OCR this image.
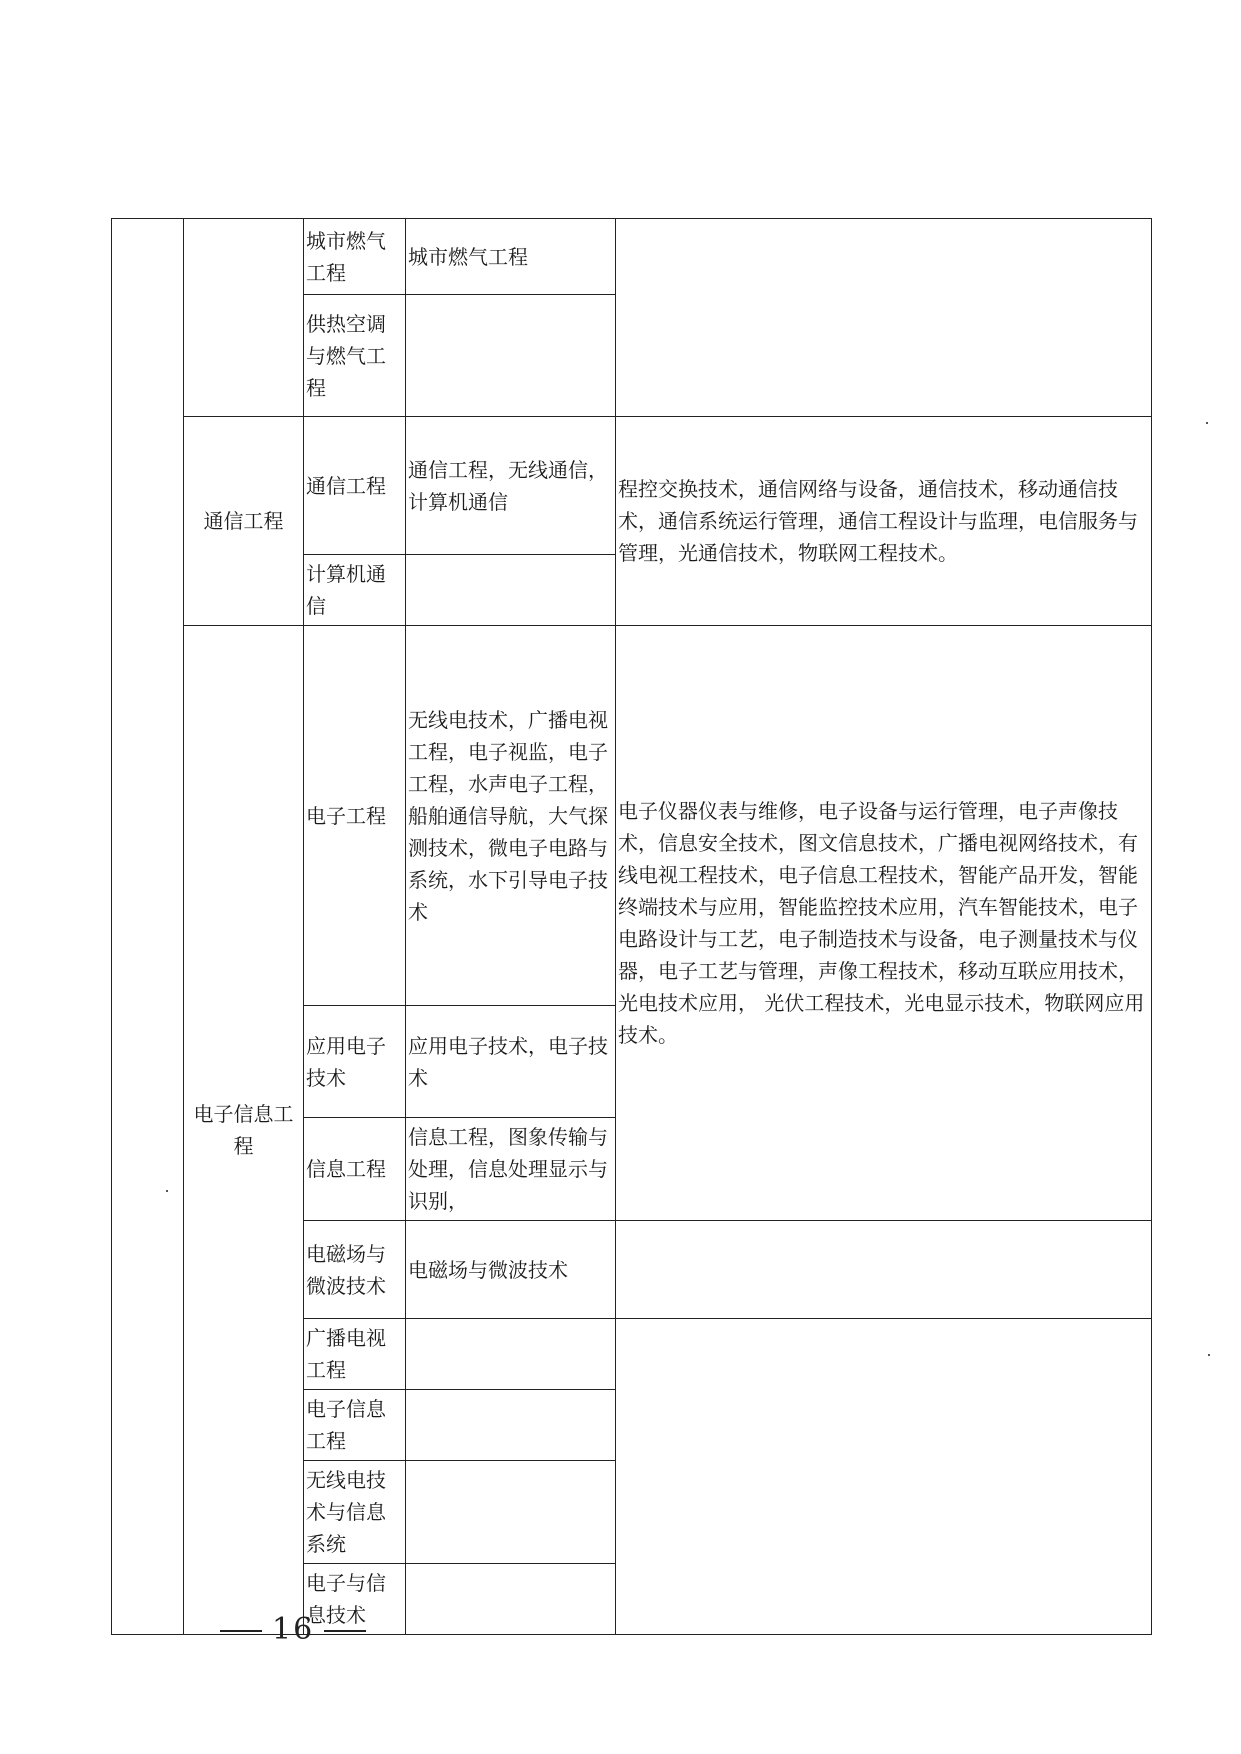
		城市燃气工程	城市燃气工程	
		供热空调与燃气工程		
	通信工程	通信工程	通信工程，无线通信，计算机通信	程控交换技术，通信网络与设备，通信技术，移动通信技术，通信系统运行管理，通信工程设计与监理，电信服务与管理，光通信技术，物联网工程技术。
		计算机通信		
	电子信息工程	电子工程	无线电技术，广播电视工程，电子视监，电子工程，水声电子工程，船舶通信导航，大气探测技术，微电子电路与系统，水下引导电子技术	电子仪器仪表与维修，电子设备与运行管理，电子声像技术，信息安全技术，图文信息技术，广播电视网络技术，有线电视工程技术，电子信息工程技术，智能产品开发，智能终端技术与应用，智能监控技术应用，汽车智能技术，电子电路设计与工艺，电子制造技术与设备，电子测量技术与仪器，电子工艺与管理，声像工程技术，移动互联应用技术，光电技术应用， 光伏工程技术，光电显示技术，物联网应用技术。
		应用电子技术	应用电子技术，电子技术	
		信息工程	信息工程，图象传输与处理，信息处理显示与识别，	
		电磁场与微波技术	电磁场与微波技术	
		广播电视工程		
		电子信息工程		
		无线电技术与信息系统		
		电子与信息技术		
16
